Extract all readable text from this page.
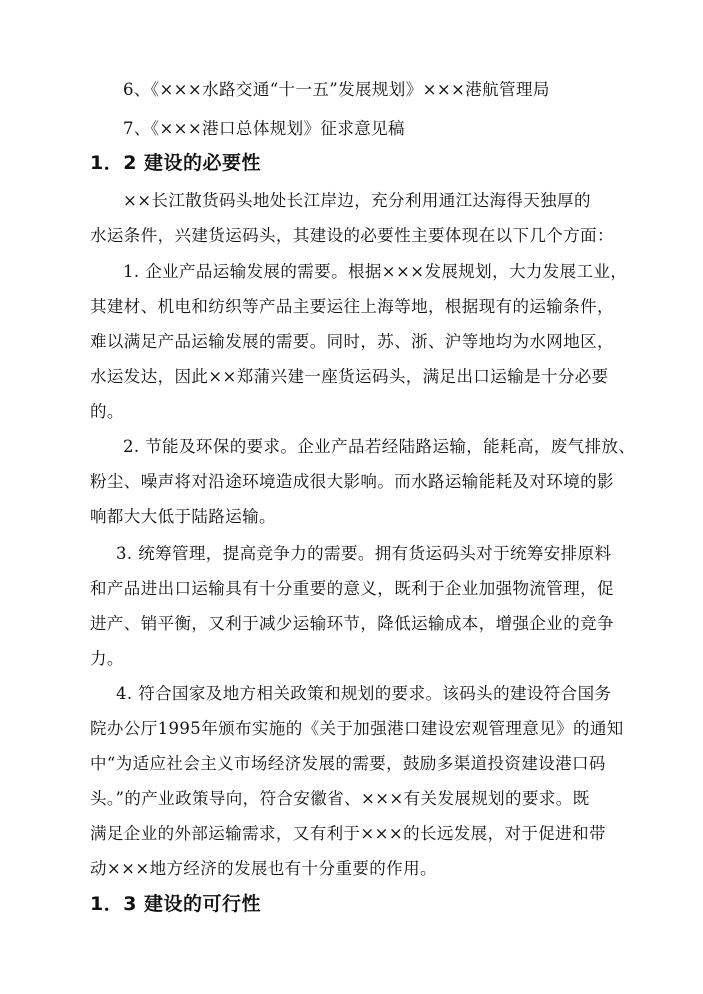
6、《×××水路交通“十一五”发展规划》×××港航管理局
7、《×××港口总体规划》征求意见稿
1．2 建设的必要性
××长江散货码头地处长江岸边，充分利用通江达海得天独厚的
水运条件，兴建货运码头，其建设的必要性主要体现在以下几个方面：
1. 企业产品运输发展的需要。根据×××发展规划，大力发展工业，
其建材、机电和纺织等产品主要运往上海等地，根据现有的运输条件，
难以满足产品运输发展的需要。同时，苏、浙、沪等地均为水网地区，
水运发达，因此××郑蒲兴建一座货运码头，满足出口运输是十分必要
的。
2. 节能及环保的要求。企业产品若经陆路运输，能耗高，废气排放、
粉尘、噪声将对沿途环境造成很大影响。而水路运输能耗及对环境的影
响都大大低于陆路运输。
3. 统筹管理，提高竞争力的需要。拥有货运码头对于统筹安排原料
和产品进出口运输具有十分重要的意义，既利于企业加强物流管理，促
进产、销平衡，又利于减少运输环节，降低运输成本，增强企业的竞争
力。
4. 符合国家及地方相关政策和规划的要求。该码头的建设符合国务
院办公厅1995年颁布实施的《关于加强港口建设宏观管理意见》的通知
中“为适应社会主义市场经济发展的需要，鼓励多渠道投资建设港口码
头。”的产业政策导向，符合安徽省、×××有关发展规划的要求。既
满足企业的外部运输需求，又有利于×××的长远发展，对于促进和带
动×××地方经济的发展也有十分重要的作用。
1．3 建设的可行性
